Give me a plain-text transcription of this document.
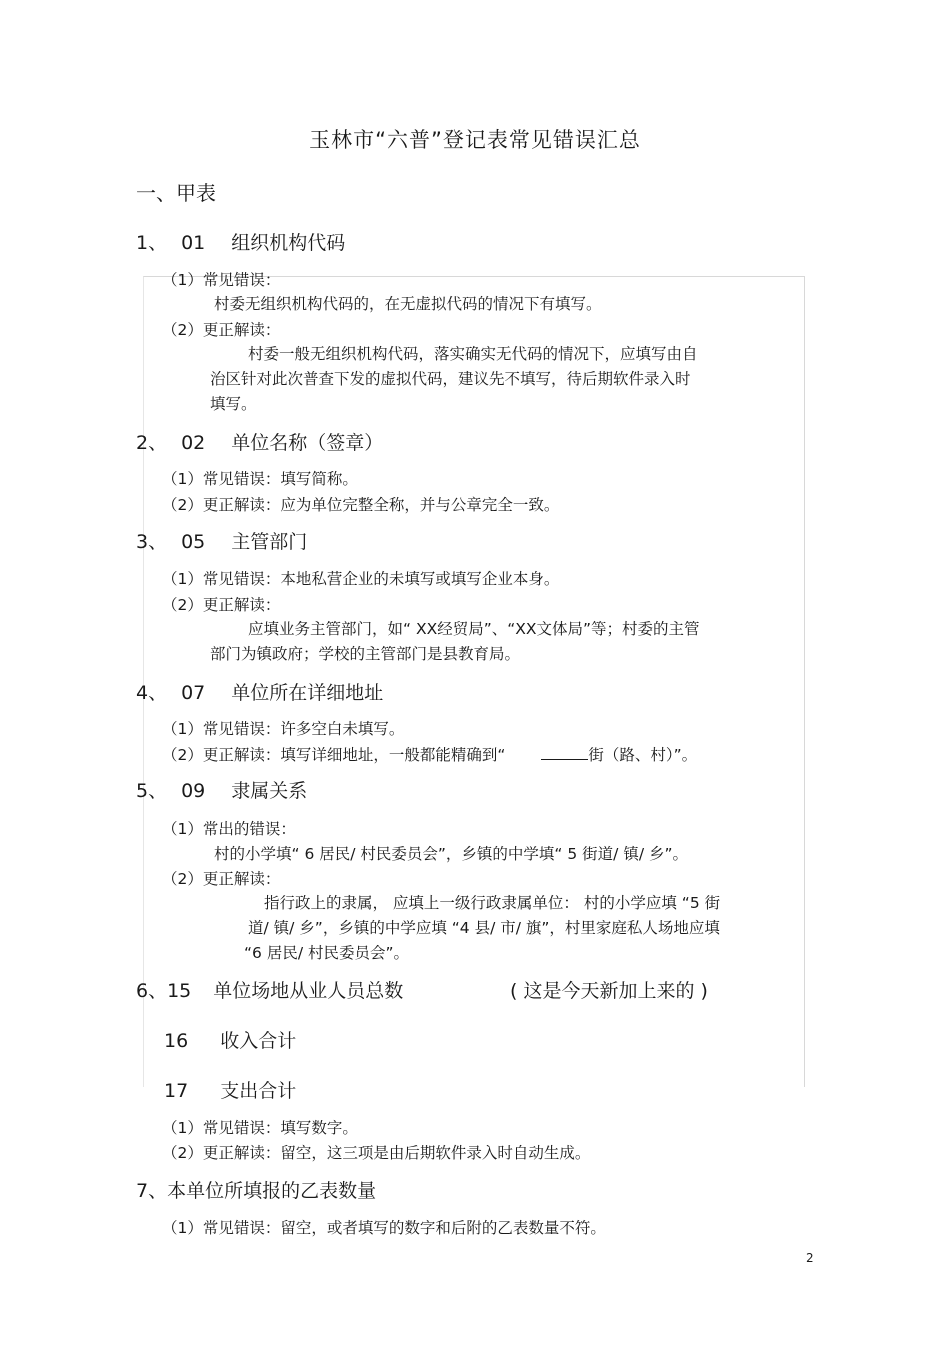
玉林市“六普”登记表常见错误汇总
一、甲表
1、 01 组织机构代码
（1）常见错误：
村委无组织机构代码的，在无虚拟代码的情况下有填写。
（2）更正解读：
村委一般无组织机构代码，落实确实无代码的情况下，应填写由自
治区针对此次普查下发的虚拟代码，建议先不填写，待后期软件录入时
填写。
2、 02 单位名称（签章）
（1）常见错误：填写简称。
（2）更正解读：应为单位完整全称，并与公章完全一致。
3、 05 主管部门
（1）常见错误：本地私营企业的未填写或填写企业本身。
（2）更正解读：
应填业务主管部门，如“ XX经贸局”、“XX文体局”等；村委的主管
部门为镇政府；学校的主管部门是县教育局。
4、 07 单位所在详细地址
（1）常见错误：许多空白未填写。
（2）更正解读：填写详细地址，一般都能精确到“	街（路、村）”。
5、 09 隶属关系
（1）常出的错误：
村的小学填“ 6 居民/ 村民委员会”，乡镇的中学填“ 5 街道/ 镇/ 乡”。
（2）更正解读：
指行政上的隶属， 应填上一级行政隶属单位： 村的小学应填 “5 街
道/ 镇/ 乡”，乡镇的中学应填 “4 县/ 市/ 旗”，村里家庭私人场地应填
“6 居民/ 村民委员会”。
6、15 单位场地从业人员总数	( 这是今天新加上来的 )
16 收入合计
17 支出合计
（1）常见错误：填写数字。
（2）更正解读：留空，这三项是由后期软件录入时自动生成。
7、本单位所填报的乙表数量
（1）常见错误：留空，或者填写的数字和后附的乙表数量不符。
2
